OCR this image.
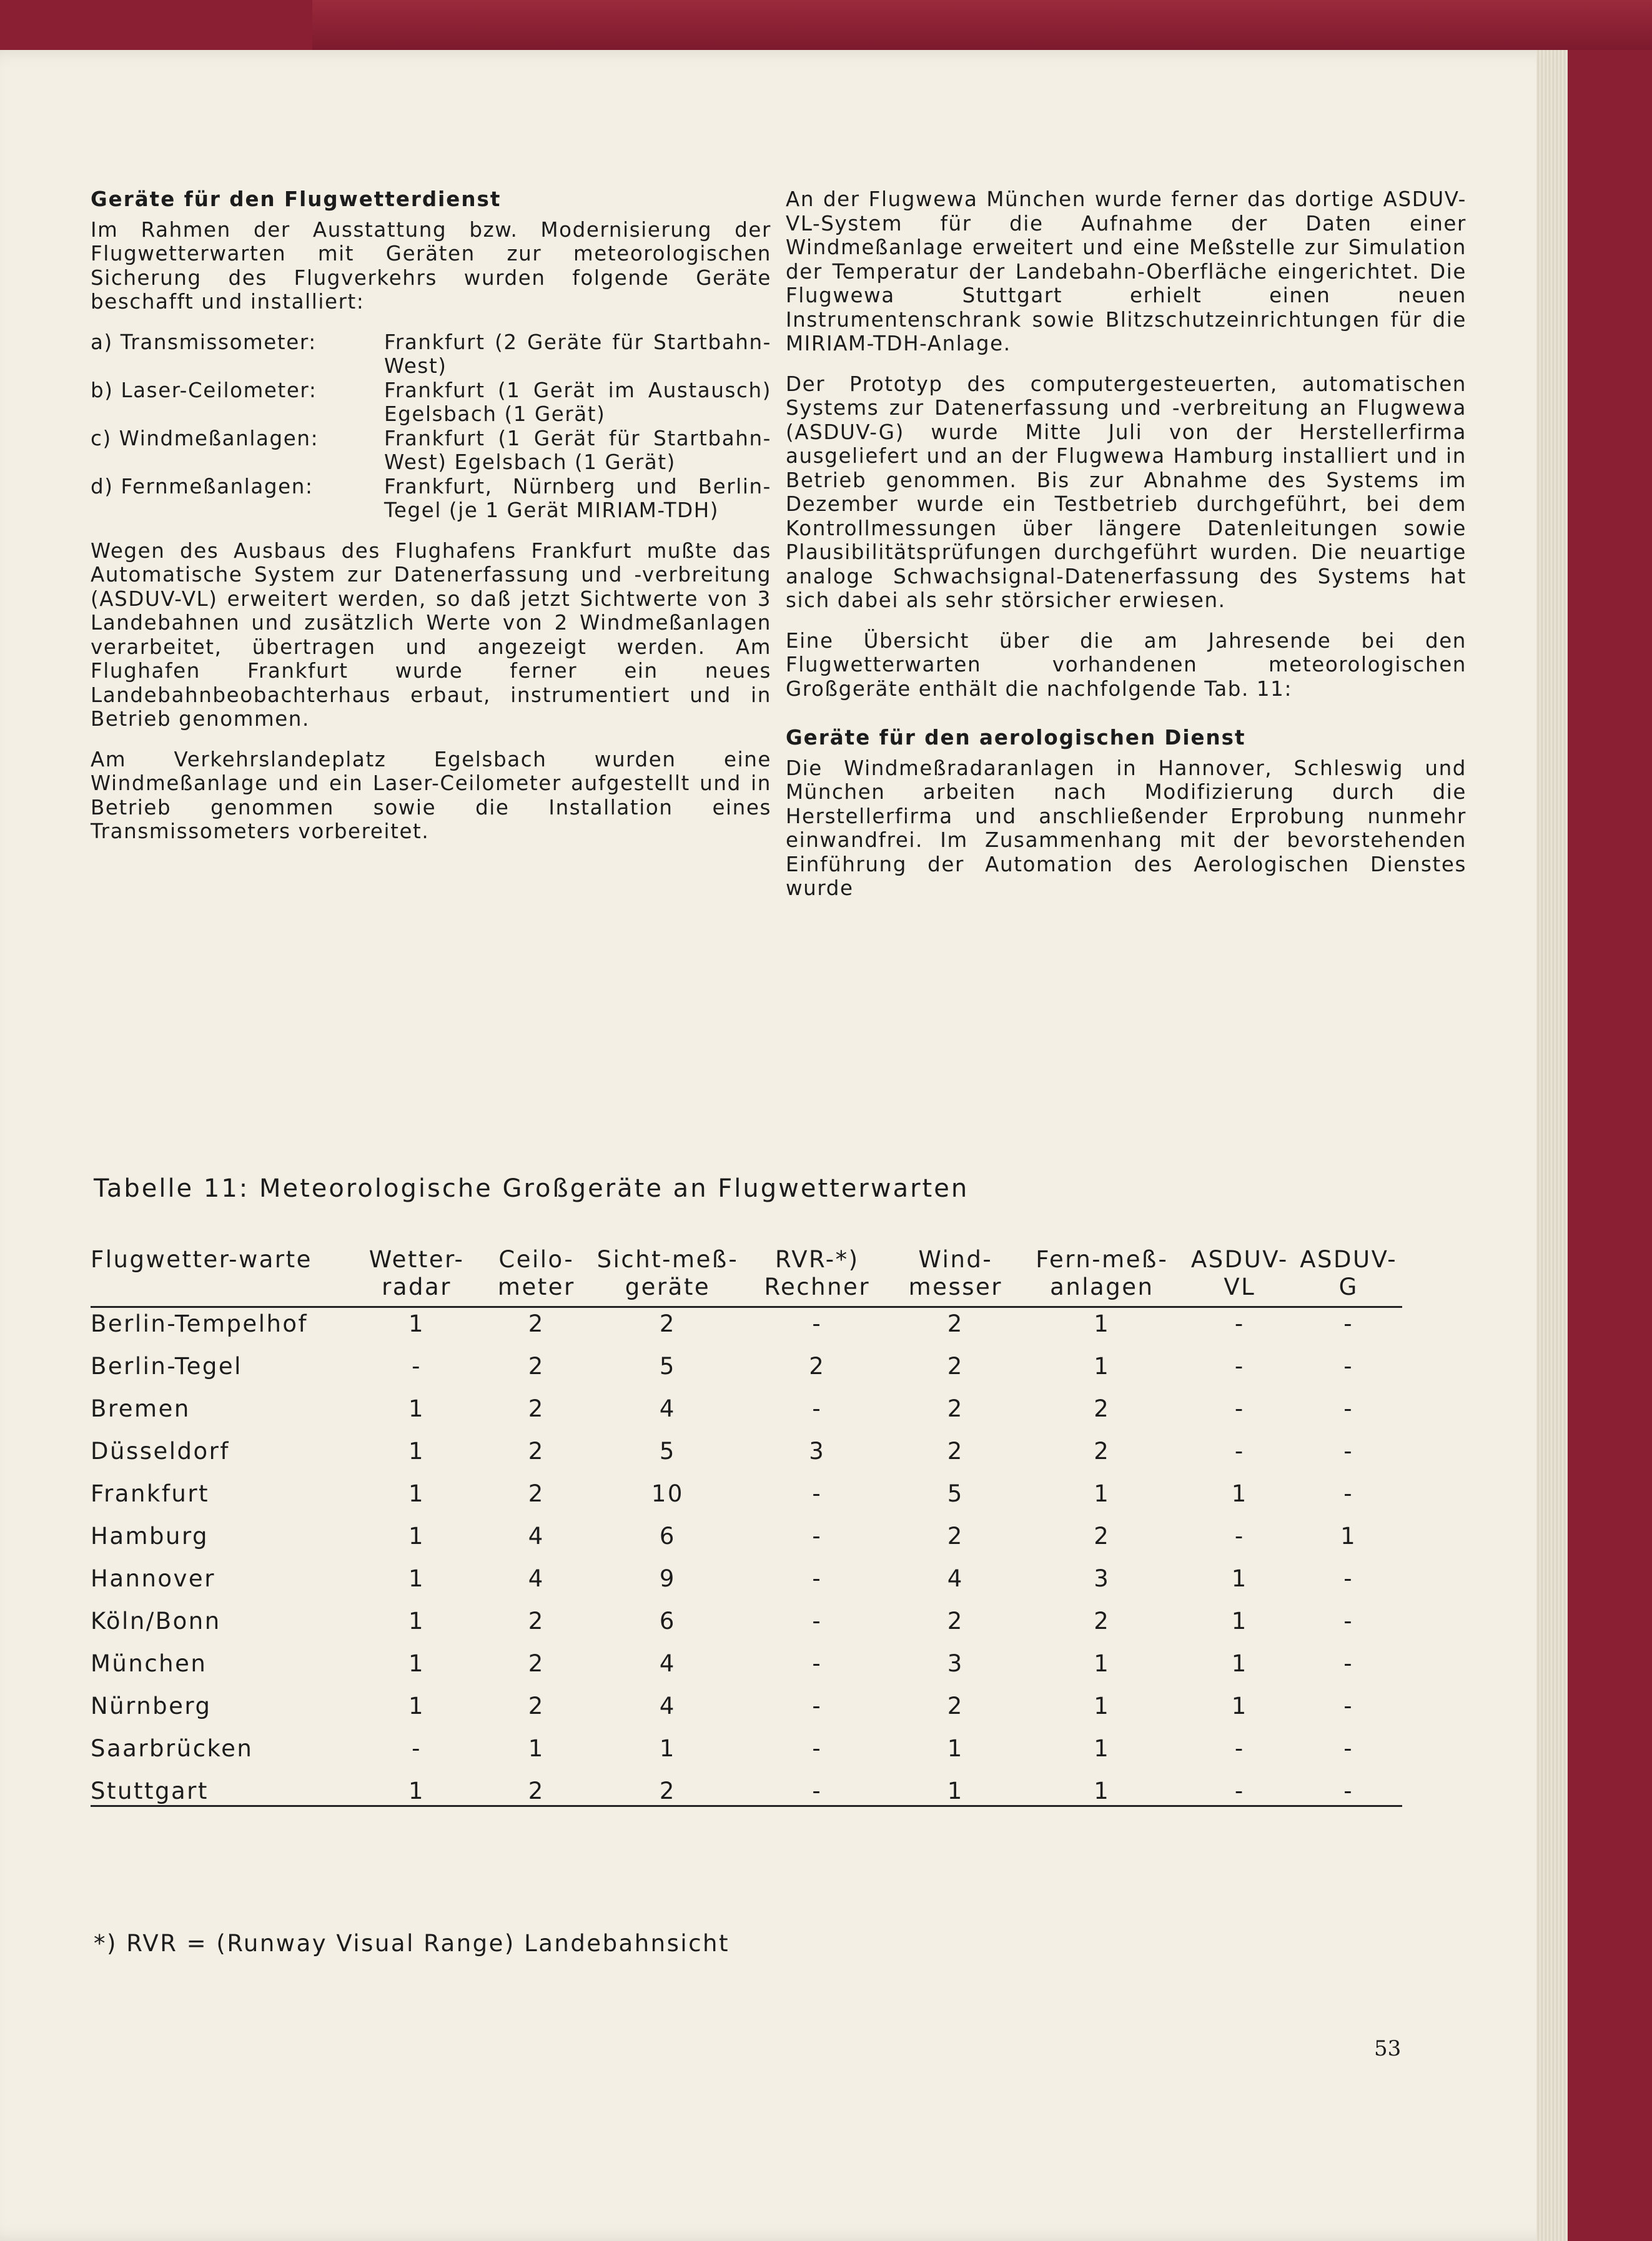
Geräte für den Flugwetterdienst

Im Rahmen der Ausstattung bzw. Modernisierung der Flugwetterwarten mit Geräten zur meteorologischen Sicherung des Flugverkehrs wurden folgende Geräte beschafft und installiert:

a) Transmissometer:	Frankfurt (2 Geräte für Startbahn-West)
b) Laser-Ceilometer:	Frankfurt (1 Gerät im Austausch) Egelsbach (1 Gerät)
c) Windmeßanlagen:	Frankfurt (1 Gerät für Startbahn-West) Egelsbach (1 Gerät)
d) Fernmeßanlagen:	Frankfurt, Nürnberg und Berlin-Tegel (je 1 Gerät MIRIAM-TDH)

Wegen des Ausbaus des Flughafens Frankfurt mußte das Automatische System zur Datenerfassung und -verbreitung (ASDUV-VL) erweitert werden, so daß jetzt Sichtwerte von 3 Landebahnen und zusätzlich Werte von 2 Windmeßanlagen verarbeitet, übertragen und angezeigt werden. Am Flughafen Frankfurt wurde ferner ein neues Landebahnbeobachterhaus erbaut, instrumentiert und in Betrieb genommen.

Am Verkehrslandeplatz Egelsbach wurden eine Windmeßanlage und ein Laser-Ceilometer aufgestellt und in Betrieb genommen sowie die Installation eines Transmissometers vorbereitet.

An der Flugwewa München wurde ferner das dortige ASDUV-VL-System für die Aufnahme der Daten einer Windmeßanlage erweitert und eine Meßstelle zur Simulation der Temperatur der Landebahn-Oberfläche eingerichtet. Die Flugwewa Stuttgart erhielt einen neuen Instrumentenschrank sowie Blitzschutzeinrichtungen für die MIRIAM-TDH-Anlage.

Der Prototyp des computergesteuerten, automatischen Systems zur Datenerfassung und -verbreitung an Flugwewa (ASDUV-G) wurde Mitte Juli von der Herstellerfirma ausgeliefert und an der Flugwewa Hamburg installiert und in Betrieb genommen. Bis zur Abnahme des Systems im Dezember wurde ein Testbetrieb durchgeführt, bei dem Kontrollmessungen über längere Datenleitungen sowie Plausibilitätsprüfungen durchgeführt wurden. Die neuartige analoge Schwachsignal-Datenerfassung des Systems hat sich dabei als sehr störsicher erwiesen.

Eine Übersicht über die am Jahresende bei den Flugwetterwarten vorhandenen meteorologischen Großgeräte enthält die nachfolgende Tab. 11:

Geräte für den aerologischen Dienst

Die Windmeßradaranlagen in Hannover, Schleswig und München arbeiten nach Modifizierung durch die Herstellerfirma und anschließender Erprobung nunmehr einwandfrei. Im Zusammenhang mit der bevorstehenden Einführung der Automation des Aerologischen Dienstes wurde

Tabelle 11: Meteorologische Großgeräte an Flugwetterwarten
Flugwetter-warte	Wetter-radar	Ceilo-meter	Sicht-meß-geräte	RVR-*) Rechner	Wind-messer	Fern-meß-anlagen	ASDUV-VL	ASDUV-G
Berlin-Tempelhof	1	2	2	-	2	1	-	-
Berlin-Tegel	-	2	5	2	2	1	-	-
Bremen	1	2	4	-	2	2	-	-
Düsseldorf	1	2	5	3	2	2	-	-
Frankfurt	1	2	10	-	5	1	1	-
Hamburg	1	4	6	-	2	2	-	1
Hannover	1	4	9	-	4	3	1	-
Köln/Bonn	1	2	6	-	2	2	1	-
München	1	2	4	-	3	1	1	-
Nürnberg	1	2	4	-	2	1	1	-
Saarbrücken	-	1	1	-	1	1	-	-
Stuttgart	1	2	2	-	1	1	-	-
*) RVR = (Runway Visual Range) Landebahnsicht
53
